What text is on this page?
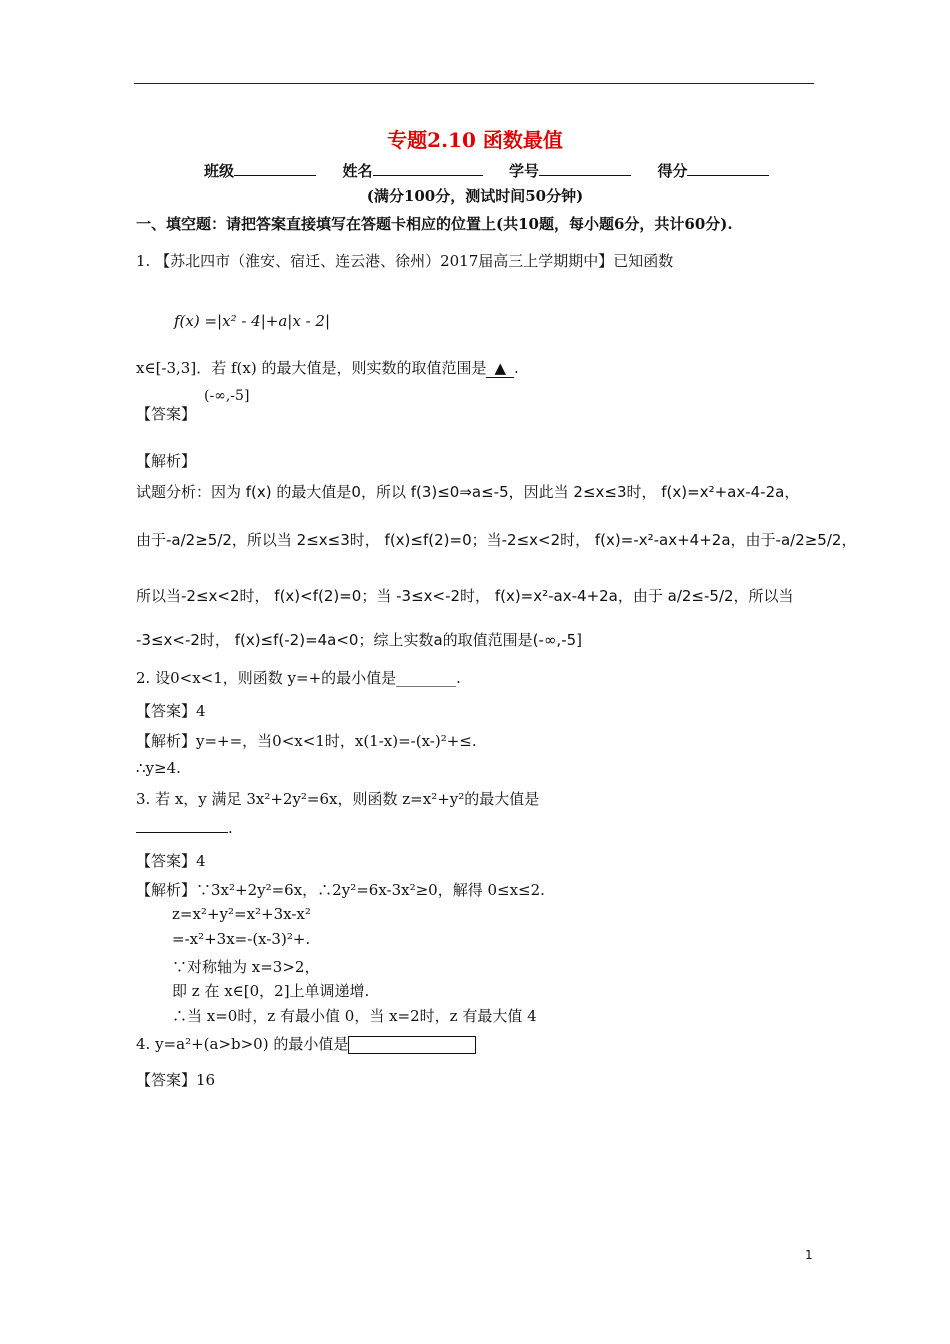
专题2.10 函数最值
班级	姓名	学号	得分
(满分100分，测试时间50分钟)
一、填空题：请把答案直接填写在答题卡相应的位置上(共10题，每小题6分，共计60分).
1. 【苏北四市（淮安、宿迁、连云港、徐州）2017届高三上学期期中】已知函数
f(x) =|x² - 4|+a|x - 2|
x∈[-3,3]．若 f(x) 的最大值是，则实数的取值范围是 ▲ .
(-∞,-5]
【答案】
【解析】
试题分析：因为 f(x) 的最大值是0，所以 f(3)≤0⇒a≤-5，因此当 2≤x≤3时， f(x)=x²+ax-4-2a，
由于-a/2≥5/2，所以当 2≤x≤3时， f(x)≤f(2)=0；当-2≤x<2时， f(x)=-x²-ax+4+2a，由于-a/2≥5/2，
所以当-2≤x<2时， f(x)<f(2)=0；当 -3≤x<-2时， f(x)=x²-ax-4+2a，由于 a/2≤-5/2，所以当
-3≤x<-2时， f(x)≤f(-2)=4a<0；综上实数a的取值范围是(-∞,-5]
2. 设0<x<1，则函数 y=+的最小值是________.
【答案】4
【解析】y=+=，当0<x<1时，x(1-x)=-(x-)²+≤.
∴y≥4.
3. 若 x，y 满足 3x²+2y²=6x，则函数 z=x²+y²的最大值是
.
【答案】4
【解析】∵3x²+2y²=6x，∴2y²=6x-3x²≥0，解得 0≤x≤2.
z=x²+y²=x²+3x-x²
=-x²+3x=-(x-3)²+.
∵对称轴为 x=3>2，
即 z 在 x∈[0，2]上单调递增.
∴当 x=0时，z 有最小值 0，当 x=2时，z 有最大值 4
4. y=a²+(a>b>0) 的最小值是
【答案】16
1
